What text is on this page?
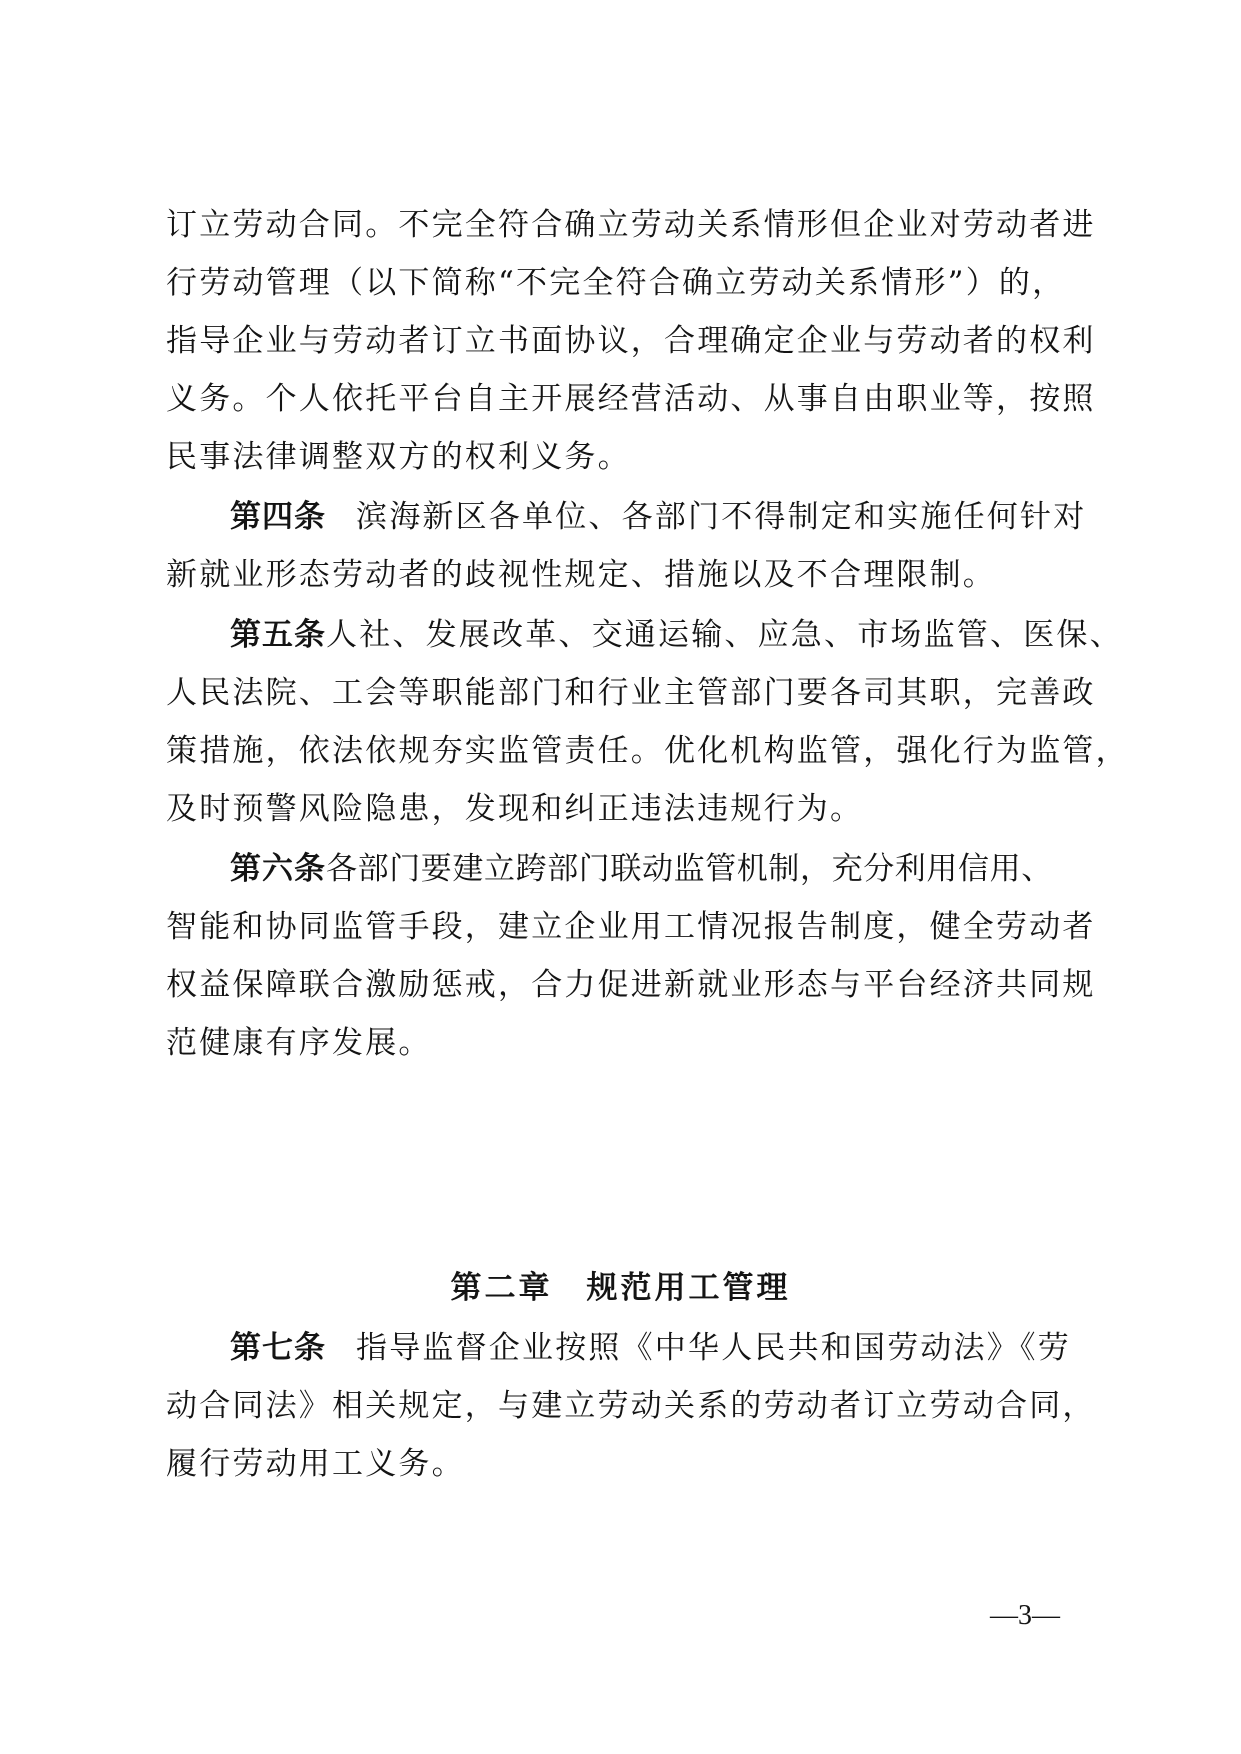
订立劳动合同。不完全符合确立劳动关系情形但企业对劳动者进
行劳动管理（以下简称“不完全符合确立劳动关系情形”）的，
指导企业与劳动者订立书面协议，合理确定企业与劳动者的权利
义务。个人依托平台自主开展经营活动、从事自由职业等，按照
民事法律调整双方的权利义务。
第四条 滨海新区各单位、各部门不得制定和实施任何针对
新就业形态劳动者的歧视性规定、措施以及不合理限制。
第五条人社、发展改革、交通运输、应急、市场监管、医保、
人民法院、工会等职能部门和行业主管部门要各司其职，完善政
策措施，依法依规夯实监管责任。优化机构监管，强化行为监管，
及时预警风险隐患，发现和纠正违法违规行为。
第六条各部门要建立跨部门联动监管机制，充分利用信用、
智能和协同监管手段，建立企业用工情况报告制度，健全劳动者
权益保障联合激励惩戒，合力促进新就业形态与平台经济共同规
范健康有序发展。
第二章　规范用工管理
第七条 指导监督企业按照《中华人民共和国劳动法》《劳
动合同法》相关规定，与建立劳动关系的劳动者订立劳动合同，
履行劳动用工义务。
—3—
